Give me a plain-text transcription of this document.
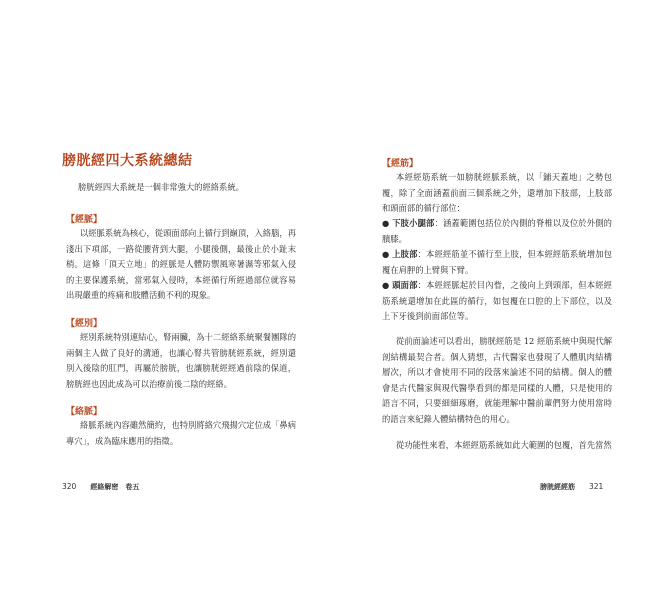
膀胱經四大系統總結

膀胱經四大系統是一個非常強大的經絡系統。

【經脈】

以經脈系統為核心，從頭面部向上循行到巔頂，入絡腦，再淺出下項部，一路從腰背到大腿，小腿後側，最後止於小趾末梢。這條「頂天立地」的經脈是人體防禦風寒暑濕等邪氣入侵的主要保護系統，當邪氣入侵時，本經循行所經過部位就容易出現嚴重的疼痛和肢體活動不利的現象。

【經別】

經別系統特別連結心，腎兩臟，為十二經絡系統聚餐團隊的兩個主人做了良好的溝通，也讓心腎共管膀胱經系統，經別還別入後陰的肛門，再屬於膀胱，也讓膀胱經經過前陰的保道，膀胱經也因此成為可以治療前後二陰的經絡。

【絡脈】

絡脈系統內容雖然簡約，也特別將絡穴飛揚穴定位成「鼻病專穴」，成為臨床應用的指徵。

320 經絡解密　卷五
【經筋】

本經經筋系統一如膀胱經脈系統，以「鋪天蓋地」之勢包覆，除了全面涵蓋前面三個系統之外，還增加下肢部，上肢部和頭面部的循行部位：

● 下肢小腿部：涵蓋範圍包括位於內側的脊椎以及位於外側的臏膝。

● 上肢部：本經經筋並不循行至上肢，但本經經筋系統增加包覆在肩胛的上臂與下臂。

● 頭面部：本經經脈起於目內眥，之後向上到頭部，但本經經筋系統還增加在此區的循行，如包覆在口腔的上下部位，以及上下牙後到前面部位等。

從前面論述可以看出，膀胱經筋是 12 經筋系統中與現代解剖結構最契合者。個人猜想，古代醫家也發現了人體肌肉結構層次，所以才會使用不同的段落來論述不同的結構。個人的體會是古代醫家與現代醫學看到的都是同樣的人體，只是使用的語言不同，只要細細琢磨，就能理解中醫前輩們努力使用當時的語言來紀錄人體結構特色的用心。

從功能性來看，本經經筋系統如此大範圍的包覆，首先當然

膀胱經經筋 321
